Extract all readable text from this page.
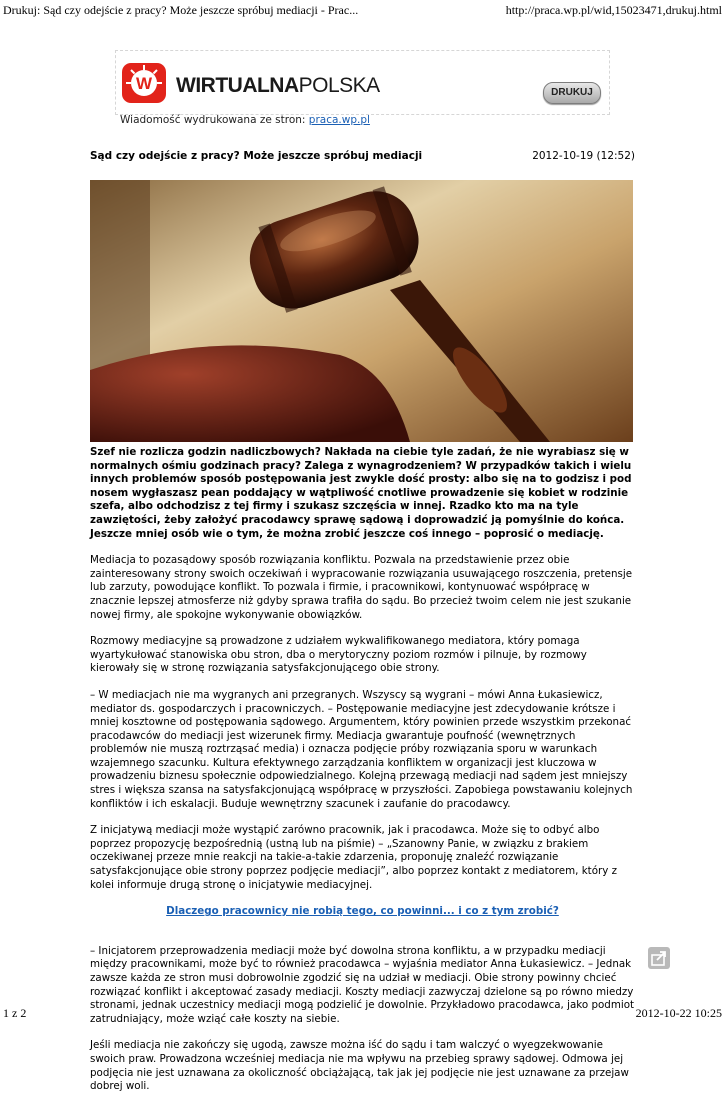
Drukuj: Sąd czy odejście z pracy? Może jeszcze spróbuj mediacji - Prac...	http://praca.wp.pl/wid,15023471,drukuj.html
W WIRTUALNAPOLSKA	DRUKUJ
Wiadomość wydrukowana ze stron: praca.wp.pl
Sąd czy odejście z pracy? Może jeszcze spróbuj mediacji	2012-10-19 (12:52)

Szef nie rozlicza godzin nadliczbowych? Nakłada na ciebie tyle zadań, że nie wyrabiasz się w normalnych ośmiu godzinach pracy? Zalega z wynagrodzeniem? W przypadków takich i wielu innych problemów sposób postępowania jest zwykle dość prosty: albo się na to godzisz i pod nosem wygłaszasz pean poddający w wątpliwość cnotliwe prowadzenie się kobiet w rodzinie szefa, albo odchodzisz z tej firmy i szukasz szczęścia w innej. Rzadko kto ma na tyle zawziętości, żeby założyć pracodawcy sprawę sądową i doprowadzić ją pomyślnie do końca. Jeszcze mniej osób wie o tym, że można zrobić jeszcze coś innego – poprosić o mediację.

Mediacja to pozasądowy sposób rozwiązania konfliktu. Pozwala na przedstawienie przez obie zainteresowany strony swoich oczekiwań i wypracowanie rozwiązania usuwającego roszczenia, pretensje lub zarzuty, powodujące konflikt. To pozwala i firmie, i pracownikowi, kontynuować współpracę w znacznie lepszej atmosferze niż gdyby sprawa trafiła do sądu. Bo przecież twoim celem nie jest szukanie nowej firmy, ale spokojne wykonywanie obowiązków.

Rozmowy mediacyjne są prowadzone z udziałem wykwalifikowanego mediatora, który pomaga wyartykułować stanowiska obu stron, dba o merytoryczny poziom rozmów i pilnuje, by rozmowy kierowały się w stronę rozwiązania satysfakcjonującego obie strony.

– W mediacjach nie ma wygranych ani przegranych. Wszyscy są wygrani – mówi Anna Łukasiewicz, mediator ds. gospodarczych i pracowniczych. – Postępowanie mediacyjne jest zdecydowanie krótsze i mniej kosztowne od postępowania sądowego. Argumentem, który powinien przede wszystkim przekonać pracodawców do mediacji jest wizerunek firmy. Mediacja gwarantuje poufność (wewnętrznych problemów nie muszą roztrząsać media) i oznacza podjęcie próby rozwiązania sporu w warunkach wzajemnego szacunku. Kultura efektywnego zarządzania konfliktem w organizacji jest kluczowa w prowadzeniu biznesu społecznie odpowiedzialnego. Kolejną przewagą mediacji nad sądem jest mniejszy stres i większa szansa na satysfakcjonującą współpracę w przyszłości. Zapobiega powstawaniu kolejnych konfliktów i ich eskalacji. Buduje wewnętrzny szacunek i zaufanie do pracodawcy.

Z inicjatywą mediacji może wystąpić zarówno pracownik, jak i pracodawca. Może się to odbyć albo poprzez propozycję bezpośrednią (ustną lub na piśmie) – „Szanowny Panie, w związku z brakiem oczekiwanej przeze mnie reakcji na takie-a-takie zdarzenia, proponuję znaleźć rozwiązanie satysfakcjonujące obie strony poprzez podjęcie mediacji”, albo poprzez kontakt z mediatorem, który z kolei informuje drugą stronę o inicjatywie mediacyjnej.

Dlaczego pracownicy nie robią tego, co powinni... i co z tym zrobić?

– Inicjatorem przeprowadzenia mediacji może być dowolna strona konfliktu, a w przypadku mediacji między pracownikami, może być to również pracodawca – wyjaśnia mediator Anna Łukasiewicz. – Jednak zawsze każda ze stron musi dobrowolnie zgodzić się na udział w mediacji. Obie strony powinny chcieć rozwiązać konflikt i akceptować zasady mediacji. Koszty mediacji zazwyczaj dzielone są po równo miedzy stronami, jednak uczestnicy mediacji mogą podzielić je dowolnie. Przykładowo pracodawca, jako podmiot zatrudniający, może wziąć całe koszty na siebie.

Jeśli mediacja nie zakończy się ugodą, zawsze można iść do sądu i tam walczyć o wyegzekwowanie swoich praw. Prowadzona wcześniej mediacja nie ma wpływu na przebieg sprawy sądowej. Odmowa jej podjęcia nie jest uznawana za okoliczność obciążającą, tak jak jej podjęcie nie jest uznawane za przejaw dobrej woli.

1 z 2	2012-10-22 10:25
